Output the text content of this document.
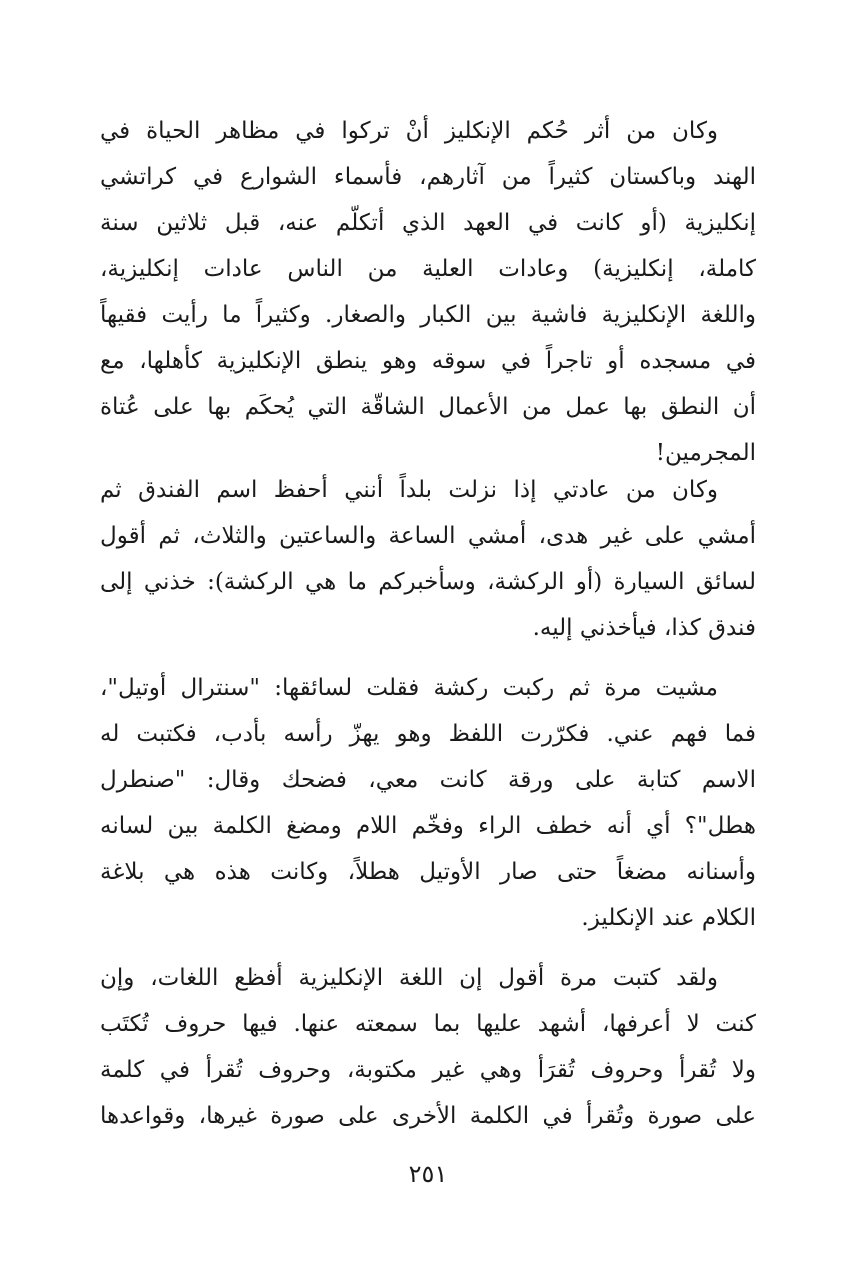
وكان من أثر حُكم الإنكليز أنْ تركوا في مظاهر الحياة في
الهند وباكستان كثيراً من آثارهم، فأسماء الشوارع في كراتشي
إنكليزية (أو كانت في العهد الذي أتكلّم عنه، قبل ثلاثين سنة
كاملة، إنكليزية) وعادات العلية من الناس عادات إنكليزية،
واللغة الإنكليزية فاشية بين الكبار والصغار. وكثيراً ما رأيت فقيهاً
في مسجده أو تاجراً في سوقه وهو ينطق الإنكليزية كأهلها، مع
أن النطق بها عمل من الأعمال الشاقّة التي يُحكَم بها على عُتاة
المجرمين!
وكان من عادتي إذا نزلت بلداً أنني أحفظ اسم الفندق ثم
أمشي على غير هدى، أمشي الساعة والساعتين والثلاث، ثم أقول
لسائق السيارة (أو الركشة، وسأخبركم ما هي الركشة): خذني إلى
فندق كذا، فيأخذني إليه.
مشيت مرة ثم ركبت ركشة فقلت لسائقها: "سنترال أوتيل"،
فما فهم عني. فكرّرت اللفظ وهو يهزّ رأسه بأدب، فكتبت له
الاسم كتابة على ورقة كانت معي، فضحك وقال: "صنطرل
هطل"؟ أي أنه خطف الراء وفخّم اللام ومضغ الكلمة بين لسانه
وأسنانه مضغاً حتى صار الأوتيل هطلاً، وكانت هذه هي بلاغة
الكلام عند الإنكليز.
ولقد كتبت مرة أقول إن اللغة الإنكليزية أفظع اللغات، وإن
كنت لا أعرفها، أشهد عليها بما سمعته عنها. فيها حروف تُكتَب
ولا تُقرأ وحروف تُقرَأ وهي غير مكتوبة، وحروف تُقرأ في كلمة
على صورة وتُقرأ في الكلمة الأخرى على صورة غيرها، وقواعدها
٢٥١
